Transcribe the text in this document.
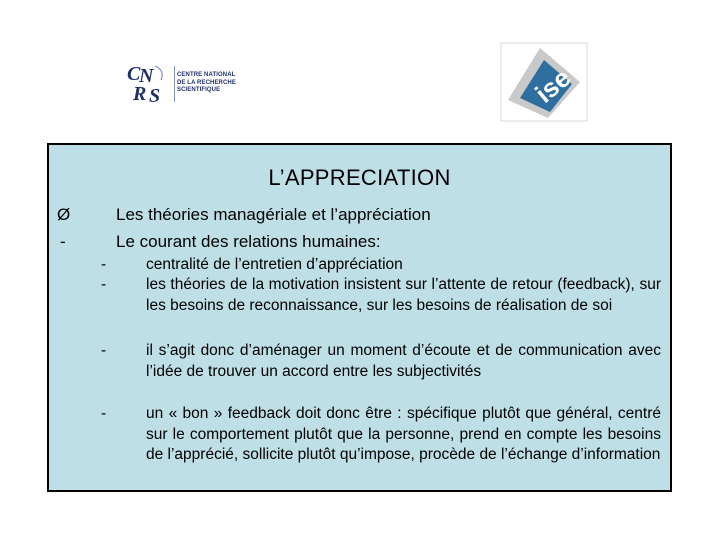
C
N
R S
CENTRE NATIONAL
DE LA RECHERCHE
SCIENTIFIQUE	ise
L’APPRECIATION
Ø	Les théories managériale et l’appréciation
-	Le courant des relations humaines:
-	centralité de l’entretien d’appréciation
-	les théories de la motivation insistent sur l’attente de retour (feedback), sur les besoins de reconnaissance, sur les besoins de réalisation de soi
-	il s’agit donc d’aménager un moment d’écoute et de communication avec l’idée de trouver un accord entre les subjectivités
-	un « bon » feedback doit donc être : spécifique plutôt que général, centré sur le comportement plutôt que la personne, prend en compte les besoins de l’apprécié, sollicite plutôt qu’impose, procède de l’échange d’information
